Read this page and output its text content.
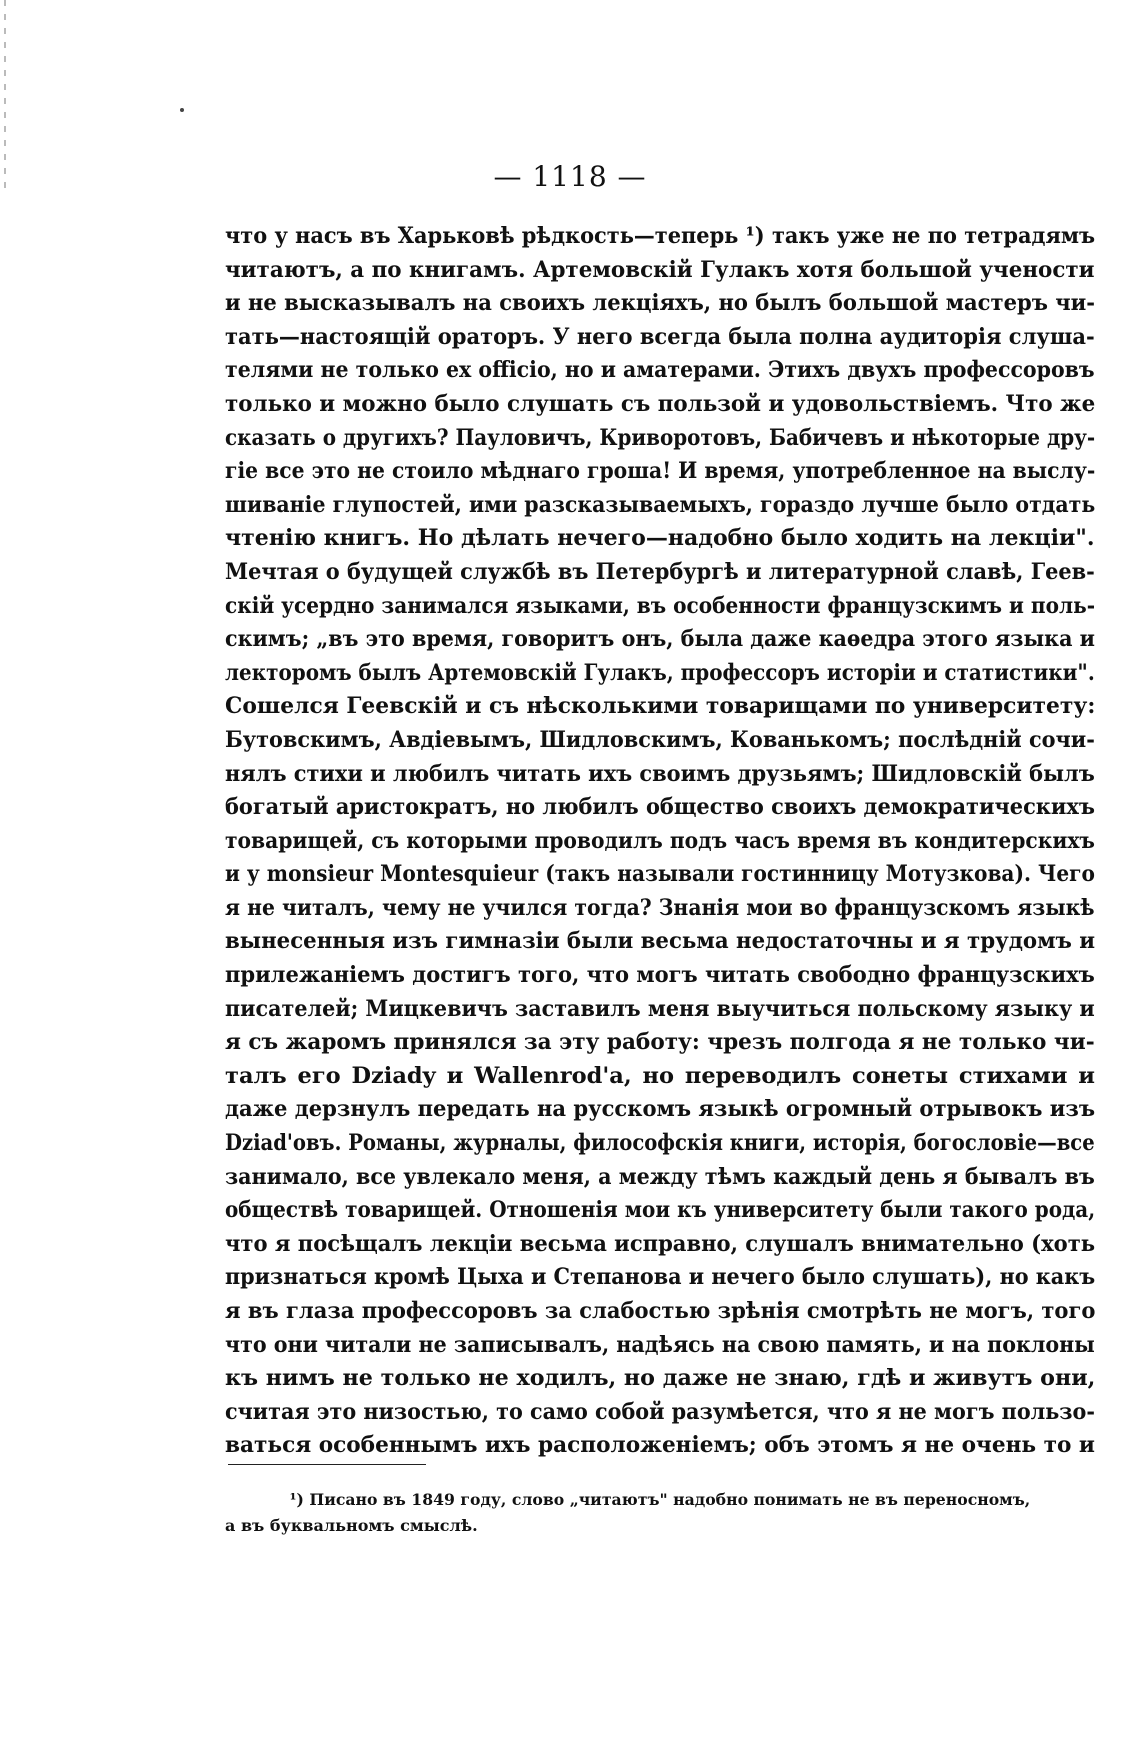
— 1118 —
что у насъ въ Харьковѣ рѣдкость—теперь ¹) такъ уже не по тетрадямъ
читаютъ, а по книгамъ. Артемовскій Гулакъ хотя большой учености
и не высказывалъ на своихъ лекціяхъ, но былъ большой мастеръ чи-
тать—настоящій ораторъ. У него всегда была полна аудиторія слуша-
телями не только ex officio, но и аматерами. Этихъ двухъ профессоровъ
только и можно было слушать съ пользой и удовольствіемъ. Что же
сказать о другихъ? Пауловичъ, Криворотовъ, Бабичевъ и нѣкоторые дру-
гіе все это не стоило мѣднаго гроша! И время, употребленное на выслу-
шиваніе глупостей, ими разсказываемыхъ, гораздо лучше было отдать
чтенію книгъ. Но дѣлать нечего—надобно было ходить на лекціи".
Мечтая о будущей службѣ въ Петербургѣ и литературной славѣ, Геев-
скій усердно занимался языками, въ особенности французскимъ и поль-
скимъ; „въ это время, говоритъ онъ, была даже каѳедра этого языка и
лекторомъ былъ Артемовскій Гулакъ, профессоръ исторіи и статистики".
Сошелся Геевскій и съ нѣсколькими товарищами по университету:
Бутовскимъ, Авдіевымъ, Шидловскимъ, Кованькомъ; послѣдній сочи-
нялъ стихи и любилъ читать ихъ своимъ друзьямъ; Шидловскій былъ
богатый аристократъ, но любилъ общество своихъ демократическихъ
товарищей, съ которыми проводилъ подъ часъ время въ кондитерскихъ
и у monsieur Montesquieur (такъ называли гостинницу Мотузкова). Чего
я не читалъ, чему не учился тогда? Знанія мои во французскомъ языкѣ
вынесенныя изъ гимназіи были весьма недостаточны и я трудомъ и
прилежаніемъ достигъ того, что могъ читать свободно французскихъ
писателей; Мицкевичъ заставилъ меня выучиться польскому языку и
я съ жаромъ принялся за эту работу: чрезъ полгода я не только чи-
талъ его Dziady и Wallenrod'а, но переводилъ сонеты стихами и
даже дерзнулъ передать на русскомъ языкѣ огромный отрывокъ изъ
Dziad'овъ. Романы, журналы, философскія книги, исторія, богословіе—все
занимало, все увлекало меня, а между тѣмъ каждый день я бывалъ въ
обществѣ товарищей. Отношенія мои къ университету были такого рода,
что я посѣщалъ лекціи весьма исправно, слушалъ внимательно (хоть
признаться кромѣ Цыха и Степанова и нечего было слушать), но какъ
я въ глаза профессоровъ за слабостью зрѣнія смотрѣть не могъ, того
что они читали не записывалъ, надѣясь на свою память, и на поклоны
къ нимъ не только не ходилъ, но даже не знаю, гдѣ и живутъ они,
считая это низостью, то само собой разумѣется, что я не могъ пользо-
ваться особеннымъ ихъ расположеніемъ; объ этомъ я не очень то и
¹) Писано въ 1849 году, слово „читаютъ" надобно понимать не въ переносномъ,
а въ буквальномъ смыслѣ.
